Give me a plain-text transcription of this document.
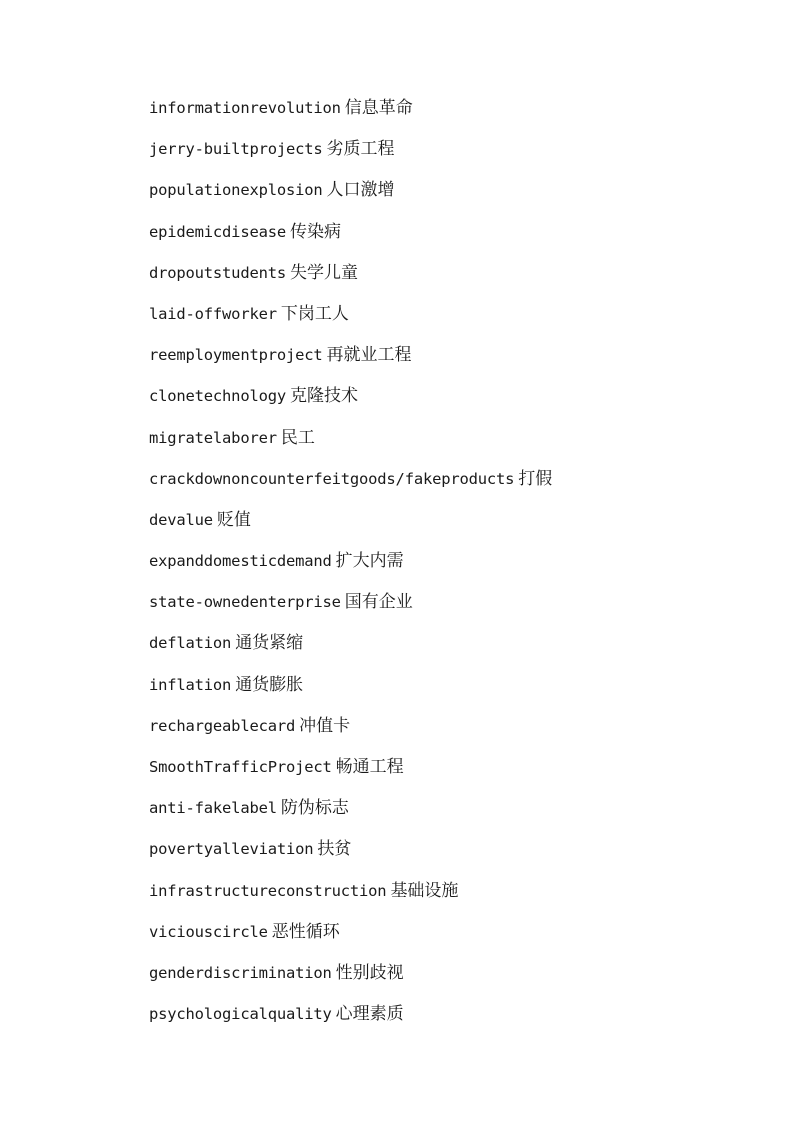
informationrevolution 信息革命
jerry-builtprojects 劣质工程
populationexplosion 人口激增
epidemicdisease 传染病
dropoutstudents 失学儿童
laid-offworker 下岗工人
reemploymentproject 再就业工程
clonetechnology 克隆技术
migratelaborer 民工
crackdownoncounterfeitgoods/fakeproducts 打假
devalue 贬值
expanddomesticdemand 扩大内需
state-ownedenterprise 国有企业
deflation 通货紧缩
inflation 通货膨胀
rechargeablecard 冲值卡
SmoothTrafficProject 畅通工程
anti-fakelabel 防伪标志
povertyalleviation 扶贫
infrastructureconstruction 基础设施
viciouscircle 恶性循环
genderdiscrimination 性别歧视
psychologicalquality 心理素质
